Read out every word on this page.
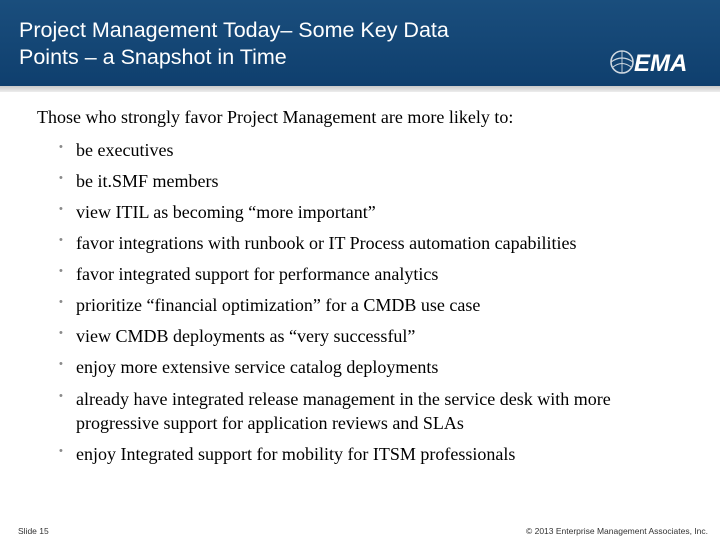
Project Management Today– Some Key Data
Points – a Snapshot in Time	EMA
Those who strongly favor Project Management are more likely to:
• be executives
• be it.SMF members
• view ITIL as becoming “more important”
• favor integrations with runbook or IT Process automation capabilities
• favor integrated support for performance analytics
• prioritize “financial optimization” for a CMDB use case
• view CMDB deployments as “very successful”
• enjoy more extensive service catalog deployments
• already have integrated release management in the service desk with more progressive support for application reviews and SLAs
• enjoy Integrated support for mobility for ITSM professionals
Slide 15	© 2013 Enterprise Management Associates, Inc.
